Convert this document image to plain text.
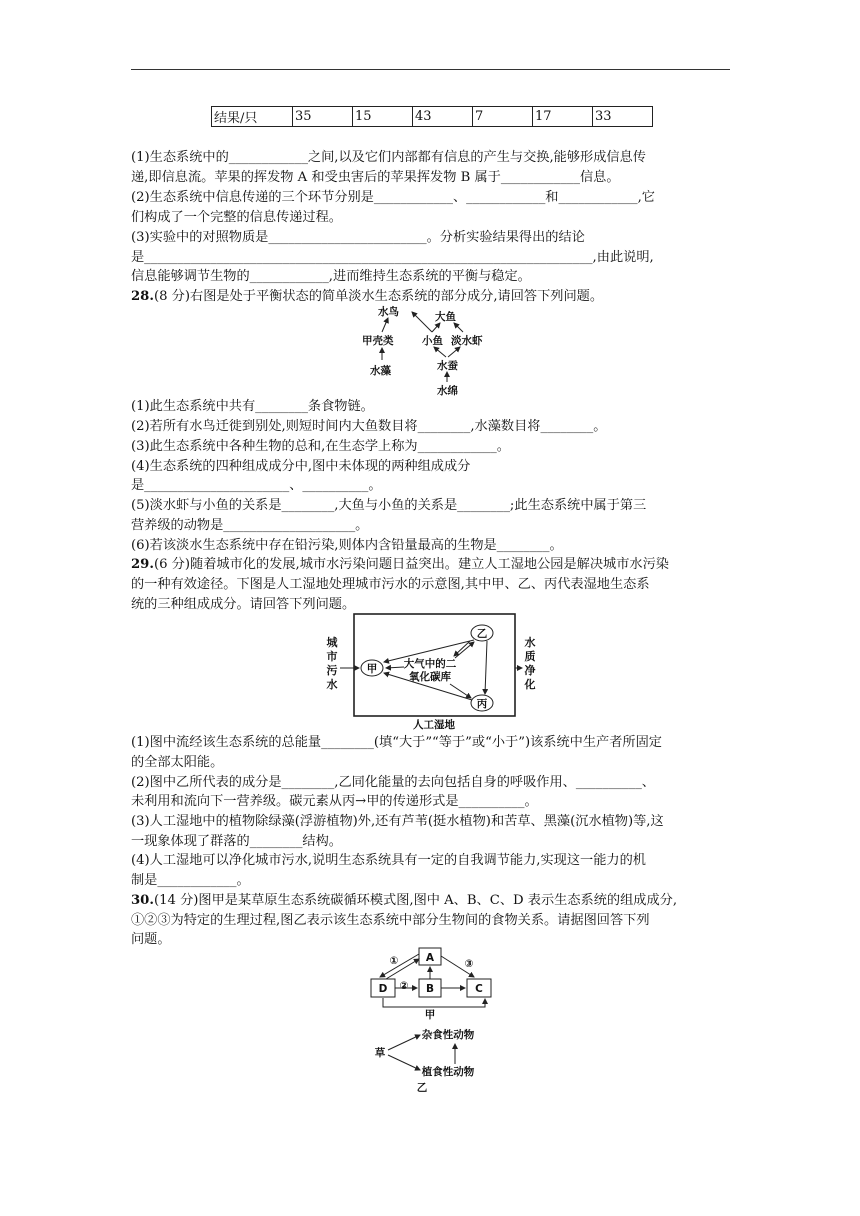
结果/只	35	15	43	7	17	33
(1)生态系统中的____________之间,以及它们内部都有信息的产生与交换,能够形成信息传
递,即信息流。苹果的挥发物 A 和受虫害后的苹果挥发物 B 属于____________信息。
(2)生态系统中信息传递的三个环节分别是____________、____________和____________,它
们构成了一个完整的信息传递过程。
(3)实验中的对照物质是________________________。分析实验结果得出的结论
是____________________________________________________________________,由此说明,
信息能够调节生物的____________,进而维持生态系统的平衡与稳定。
28.(8 分)右图是处于平衡状态的简单淡水生态系统的部分成分,请回答下列问题。
水鸟	大鱼
甲壳类	小鱼 淡水虾
水藻	水蚕
水绵
(1)此生态系统中共有________条食物链。
(2)若所有水鸟迁徙到别处,则短时间内大鱼数目将________,水藻数目将________。
(3)此生态系统中各种生物的总和,在生态学上称为____________。
(4)生态系统的四种组成成分中,图中未体现的两种组成成分
是______________________、__________。
(5)淡水虾与小鱼的关系是________,大鱼与小鱼的关系是________;此生态系统中属于第三
营养级的动物是____________________。
(6)若该淡水生态系统中存在铅污染,则体内含铅量最高的生物是________。
29.(6 分)随着城市化的发展,城市水污染问题日益突出。建立人工湿地公园是解决城市水污染
的一种有效途径。下图是人工湿地处理城市污水的示意图,其中甲、乙、丙代表湿地生态系
统的三种组成成分。请回答下列问题。
城
市
污
水
水
质
净
化
甲
乙
丙
大气中的二
氧化碳库
人工湿地
(1)图中流经该生态系统的总能量________(填“大于”“等于”或“小于”)该系统中生产者所固定
的全部太阳能。
(2)图中乙所代表的成分是________,乙同化能量的去向包括自身的呼吸作用、__________、
未利用和流向下一营养级。碳元素从丙→甲的传递形式是__________。
(3)人工湿地中的植物除绿藻(浮游植物)外,还有芦苇(挺水植物)和苦草、黑藻(沉水植物)等,这
一现象体现了群落的________结构。
(4)人工湿地可以净化城市污水,说明生态系统具有一定的自我调节能力,实现这一能力的机
制是____________。
30.(14 分)图甲是某草原生态系统碳循环模式图,图中 A、B、C、D 表示生态系统的组成成分,
①②③为特定的生理过程,图乙表示该生态系统中部分生物间的食物关系。请据图回答下列
问题。
A
D	B	C
①
②
③
甲
草
杂食性动物
植食性动物
乙
